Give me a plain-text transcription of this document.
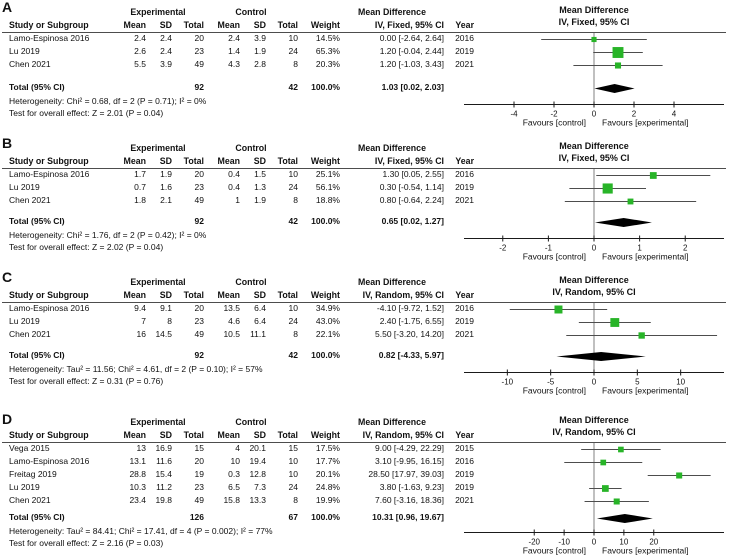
A	Experimental	Control	Mean Difference
Study or Subgroup	Mean	SD	Total	Mean	SD	Total	Weight	IV, Fixed, 95% CI	Year
Lamo-Espinosa 2016	2.4	2.4	20	2.4	3.9	10	14.5%	0.00 [-2.64, 2.64]	2016
Lu 2019	2.6	2.4	23	1.4	1.9	24	65.3%	1.20 [-0.04, 2.44]	2019
Chen 2021	5.5	3.9	49	4.3	2.8	8	20.3%	1.20 [-1.03, 3.43]	2021
Total (95% CI)	92	42	100.0%	1.03 [0.02, 2.03]
Heterogeneity: Chi² = 0.68, df = 2 (P = 0.71); I² = 0%
Test for overall effect: Z = 2.01 (P = 0.04)
Mean Difference
IV, Fixed, 95% CI
-4	-2	0	2	4
Favours [control] Favours [experimental]
B	Experimental	Control	Mean Difference
Study or Subgroup	Mean	SD	Total	Mean	SD	Total	Weight	IV, Fixed, 95% CI	Year
Lamo-Espinosa 2016	1.7	1.9	20	0.4	1.5	10	25.1%	1.30 [0.05, 2.55]	2016
Lu 2019	0.7	1.6	23	0.4	1.3	24	56.1%	0.30 [-0.54, 1.14]	2019
Chen 2021	1.8	2.1	49	1	1.9	8	18.8%	0.80 [-0.64, 2.24]	2021
Total (95% CI)	92	42	100.0%	0.65 [0.02, 1.27]
Heterogeneity: Chi² = 1.76, df = 2 (P = 0.42); I² = 0%
Test for overall effect: Z = 2.02 (P = 0.04)
Mean Difference
IV, Fixed, 95% CI
-2	-1	0	1	2
Favours [control] Favours [experimental]
C	Experimental	Control	Mean Difference
Study or Subgroup	Mean	SD	Total	Mean	SD	Total	Weight	IV, Random, 95% CI	Year
Lamo-Espinosa 2016	9.4	9.1	20	13.5	6.4	10	34.9%	-4.10 [-9.72, 1.52]	2016
Lu 2019	7	8	23	4.6	6.4	24	43.0%	2.40 [-1.75, 6.55]	2019
Chen 2021	16	14.5	49	10.5	11.1	8	22.1%	5.50 [-3.20, 14.20]	2021
Total (95% CI)	92	42	100.0%	0.82 [-4.33, 5.97]
Heterogeneity: Tau² = 11.56; Chi² = 4.61, df = 2 (P = 0.10); I² = 57%
Test for overall effect: Z = 0.31 (P = 0.76)
Mean Difference
IV, Random, 95% CI
-10	-5	0	5	10
Favours [control] Favours [experimental]
D	Experimental	Control	Mean Difference
Study or Subgroup	Mean	SD	Total	Mean	SD	Total	Weight	IV, Random, 95% CI	Year
Vega 2015	13	16.9	15	4	20.1	15	17.5%	9.00 [-4.29, 22.29]	2015
Lamo-Espinosa 2016	13.1	11.6	20	10	19.4	10	17.7%	3.10 [-9.95, 16.15]	2016
Freitag 2019	28.8	15.4	19	0.3	12.8	10	20.1%	28.50 [17.97, 39.03]	2019
Lu 2019	10.3	11.2	23	6.5	7.3	24	24.8%	3.80 [-1.63, 9.23]	2019
Chen 2021	23.4	19.8	49	15.8	13.3	8	19.9%	7.60 [-3.16, 18.36]	2021
Total (95% CI)	126	67	100.0%	10.31 [0.96, 19.67]
Heterogeneity: Tau² = 84.41; Chi² = 17.41, df = 4 (P = 0.002); I² = 77%
Test for overall effect: Z = 2.16 (P = 0.03)
Mean Difference
IV, Random, 95% CI
-20 -10	0	10	20
Favours [control] Favours [experimental]
